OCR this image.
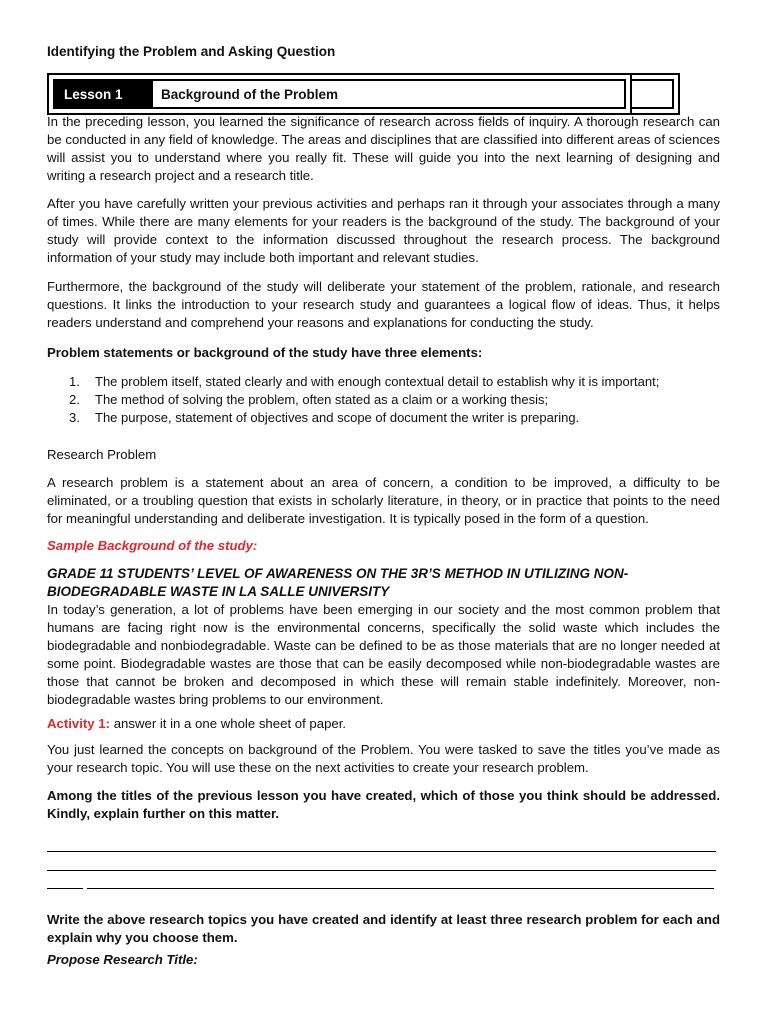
Identifying the Problem and Asking Question
Lesson 1	Background of the Problem

In the preceding lesson, you learned the significance of research across fields of inquiry. A thorough research can be conducted in any field of knowledge. The areas and disciplines that are classified into different areas of sciences will assist you to understand where you really fit. These will guide you into the next learning of designing and writing a research project and a research title.

After you have carefully written your previous activities and perhaps ran it through your associates through a many of times. While there are many elements for your readers is the background of the study. The background of your study will provide context to the information discussed throughout the research process. The background information of your study may include both important and relevant studies.

Furthermore, the background of the study will deliberate your statement of the problem, rationale, and research questions. It links the introduction to your research study and guarantees a logical flow of ideas. Thus, it helps readers understand and comprehend your reasons and explanations for conducting the study.

Problem statements or background of the study have three elements:
1. The problem itself, stated clearly and with enough contextual detail to establish why it is important;
2. The method of solving the problem, often stated as a claim or a working thesis;
3. The purpose, statement of objectives and scope of document the writer is preparing.
Research Problem

A research problem is a statement about an area of concern, a condition to be improved, a difficulty to be eliminated, or a troubling question that exists in scholarly literature, in theory, or in practice that points to the need for meaningful understanding and deliberate investigation. It is typically posed in the form of a question.

Sample Background of the study:
GRADE 11 STUDENTS’ LEVEL OF AWARENESS ON THE 3R’S METHOD IN UTILIZING NON-BIODEGRADABLE WASTE IN LA SALLE UNIVERSITY

In today’s generation, a lot of problems have been emerging in our society and the most common problem that humans are facing right now is the environmental concerns, specifically the solid waste which includes the biodegradable and nonbiodegradable. Waste can be defined to be as those materials that are no longer needed at some point. Biodegradable wastes are those that can be easily decomposed while non-biodegradable wastes are those that cannot be broken and decomposed in which these will remain stable indefinitely. Moreover, non-biodegradable wastes bring problems to our environment.

Activity 1: answer it in a one whole sheet of paper.

You just learned the concepts on background of the Problem. You were tasked to save the titles you’ve made as your research topic. You will use these on the next activities to create your research problem.

Among the titles of the previous lesson you have created, which of those you think should be addressed. Kindly, explain further on this matter.

Write the above research topics you have created and identify at least three research problem for each and explain why you choose them.

Propose Research Title:
